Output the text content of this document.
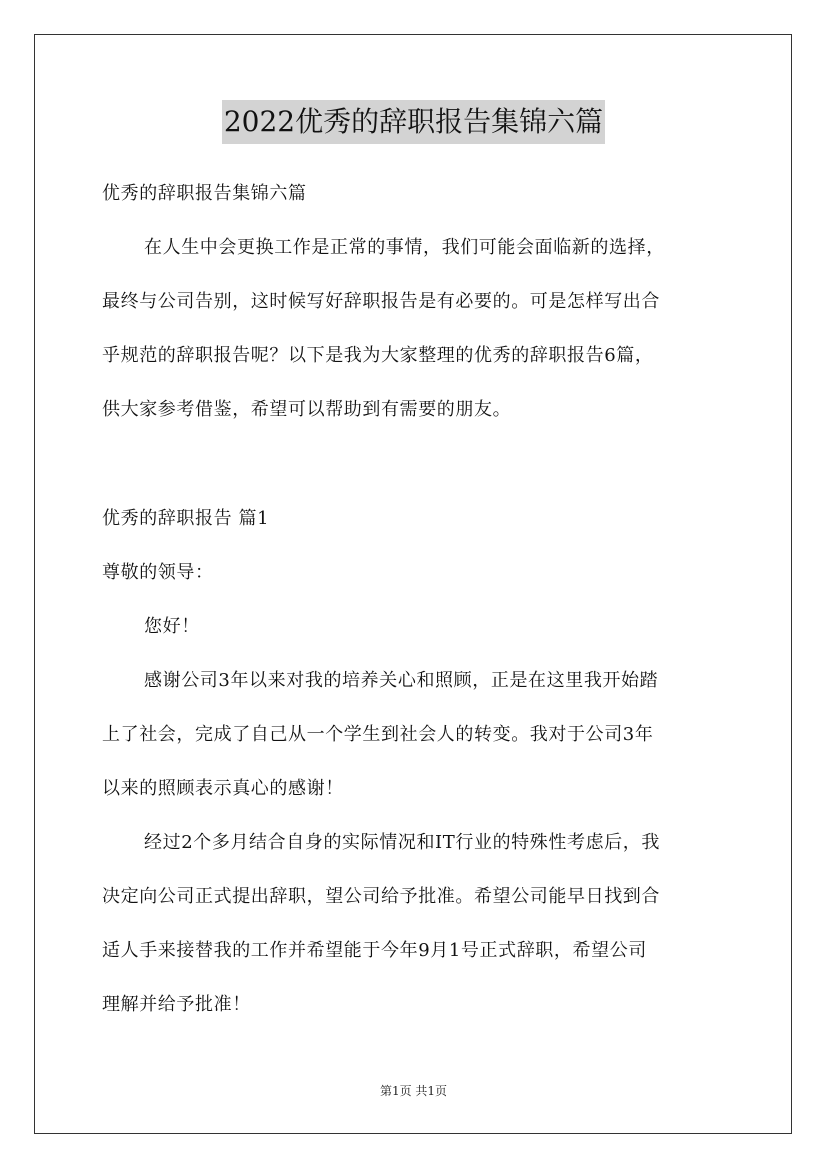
2022优秀的辞职报告集锦六篇
优秀的辞职报告集锦六篇
在人生中会更换工作是正常的事情，我们可能会面临新的选择，
最终与公司告别，这时候写好辞职报告是有必要的。可是怎样写出合
乎规范的辞职报告呢？以下是我为大家整理的优秀的辞职报告6篇，
供大家参考借鉴，希望可以帮助到有需要的朋友。
优秀的辞职报告 篇1
尊敬的领导：
您好！
感谢公司3年以来对我的培养关心和照顾，正是在这里我开始踏
上了社会，完成了自己从一个学生到社会人的转变。我对于公司3年
以来的照顾表示真心的感谢！
经过2个多月结合自身的实际情况和IT行业的特殊性考虑后，我
决定向公司正式提出辞职，望公司给予批准。希望公司能早日找到合
适人手来接替我的工作并希望能于今年9月1号正式辞职，希望公司
理解并给予批准！
第1页 共1页
